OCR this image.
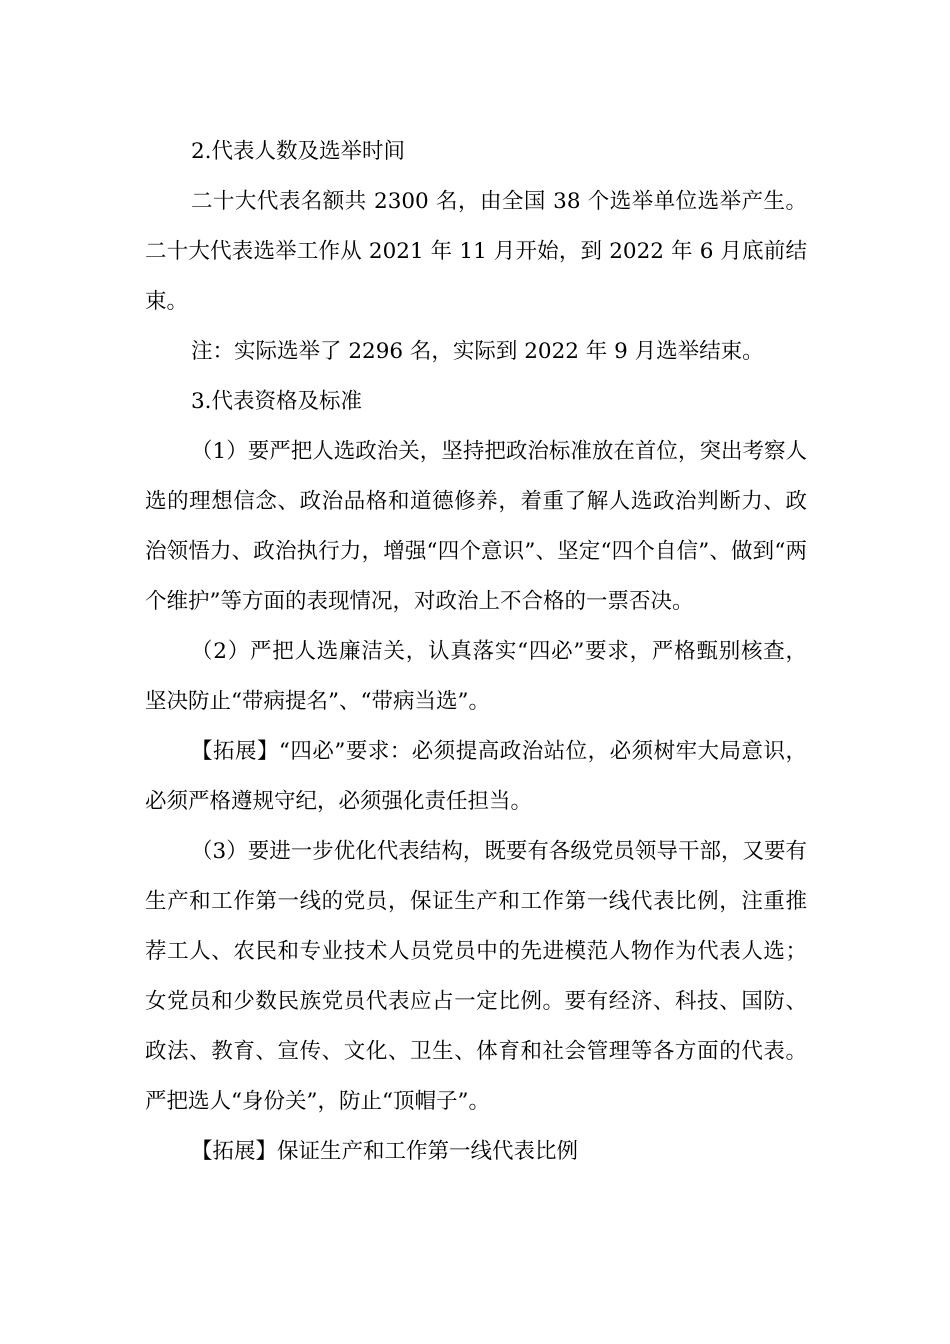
2.代表人数及选举时间

二十大代表名额共 2300 名，由全国 38 个选举单位选举产生。二十大代表选举工作从 2021 年 11 月开始，到 2022 年 6 月底前结束。

注：实际选举了 2296 名，实际到 2022 年 9 月选举结束。

3.代表资格及标准

（1）要严把人选政治关，坚持把政治标准放在首位，突出考察人选的理想信念、政治品格和道德修养，着重了解人选政治判断力、政治领悟力、政治执行力，增强“四个意识”、坚定“四个自信”、做到“两个维护”等方面的表现情况，对政治上不合格的一票否决。

（2）严把人选廉洁关，认真落实“四必”要求，严格甄别核查，坚决防止“带病提名”、“带病当选”。

【拓展】“四必”要求：必须提高政治站位，必须树牢大局意识，必须严格遵规守纪，必须强化责任担当。

（3）要进一步优化代表结构，既要有各级党员领导干部，又要有生产和工作第一线的党员，保证生产和工作第一线代表比例，注重推荐工人、农民和专业技术人员党员中的先进模范人物作为代表人选；女党员和少数民族党员代表应占一定比例。要有经济、科技、国防、政法、教育、宣传、文化、卫生、体育和社会管理等各方面的代表。严把选人“身份关”，防止“顶帽子”。

【拓展】保证生产和工作第一线代表比例
